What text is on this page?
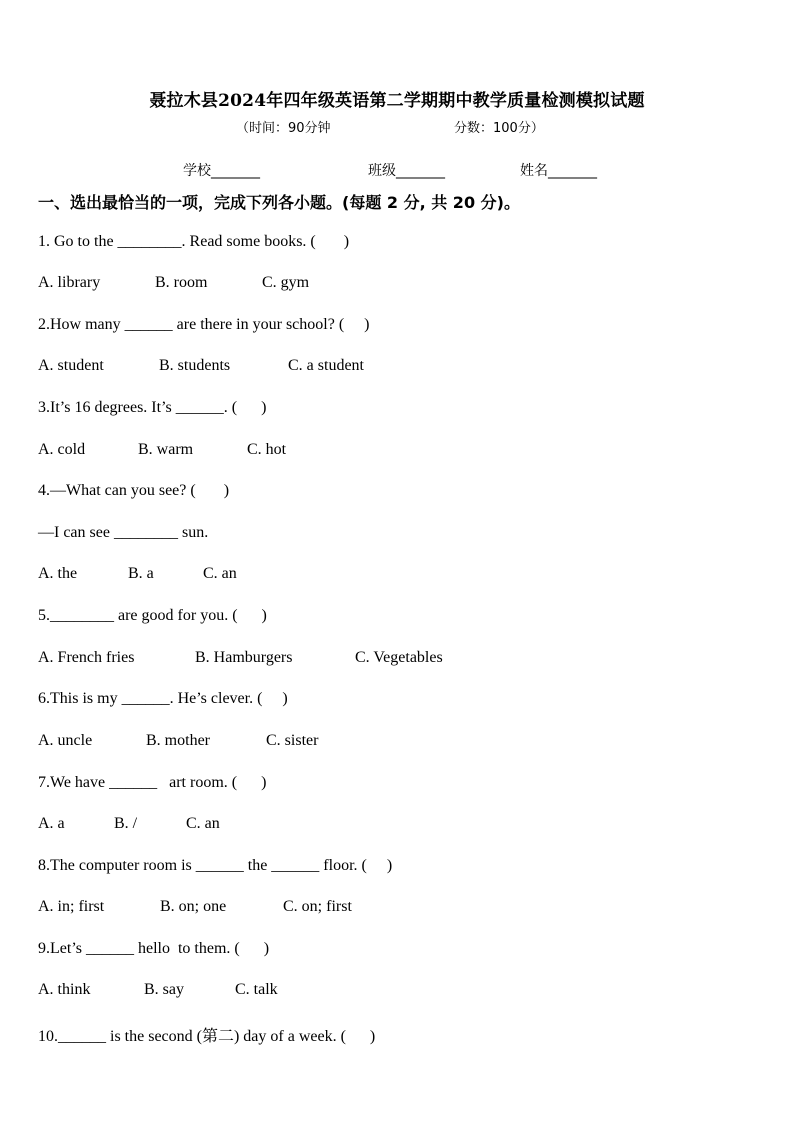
聂拉木县2024年四年级英语第二学期期中教学质量检测模拟试题
（时间：90分钟	分数：100分）
学校_______	班级_______	姓名_______
一、选出最恰当的一项，完成下列各小题。(每题 2 分, 共 20 分)。
1. Go to the ________. Read some books. (       )
A. library	B. room	C. gym
2.How many ______ are there in your school? (     )
A. student	B. students	C. a student
3.It’s 16 degrees. It’s ______. (      )
A. cold	B. warm	C. hot
4.—What can you see? (       )
—I can see ________ sun.
A. the	B. a	C. an
5.________ are good for you. (      )
A. French fries	B. Hamburgers	C. Vegetables
6.This is my ______. He’s clever. (     )
A. uncle	B. mother	C. sister
7.We have ______   art room. (      )
A. a	B. /	C. an
8.The computer room is ______ the ______ floor. (     )
A. in; first	B. on; one	C. on; first
9.Let’s ______ hello  to them. (      )
A. think	B. say	C. talk
10.______ is the second (第二) day of a week. (      )
